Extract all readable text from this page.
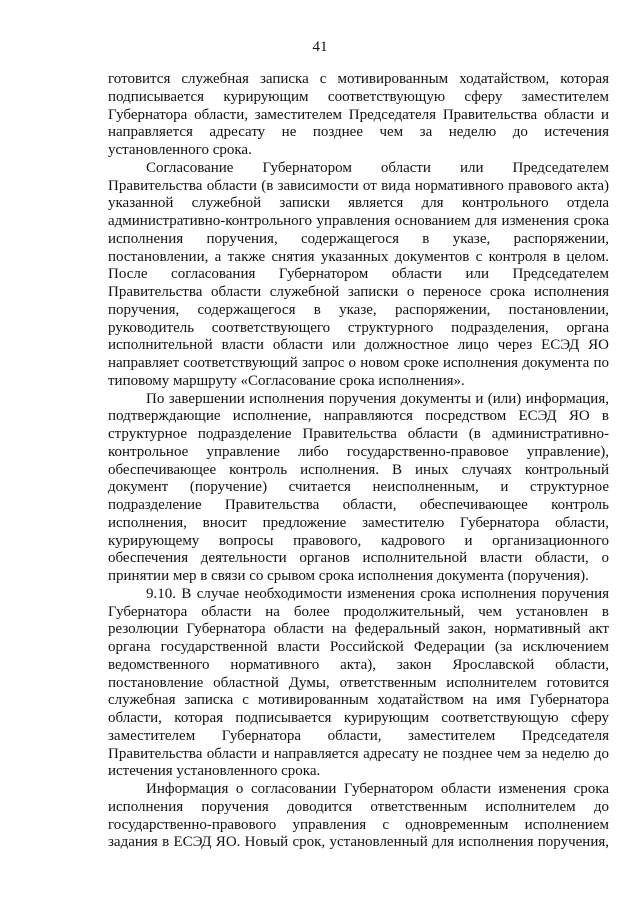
41
готовится служебная записка с мотивированным ходатайством, которая
подписывается курирующим соответствующую сферу заместителем
Губернатора области, заместителем Председателя Правительства области и
направляется адресату не позднее чем за неделю до истечения
установленного срока.
Согласование Губернатором области или Председателем
Правительства области (в зависимости от вида нормативного правового акта)
указанной служебной записки является для контрольного отдела
административно-контрольного управления основанием для изменения срока
исполнения поручения, содержащегося в указе, распоряжении,
постановлении, а также снятия указанных документов с контроля в целом.
После согласования Губернатором области или Председателем
Правительства области служебной записки о переносе срока исполнения
поручения, содержащегося в указе, распоряжении, постановлении,
руководитель соответствующего структурного подразделения, органа
исполнительной власти области или должностное лицо через ЕСЭД ЯО
направляет соответствующий запрос о новом сроке исполнения документа по
типовому маршруту «Согласование срока исполнения».
По завершении исполнения поручения документы и (или) информация,
подтверждающие исполнение, направляются посредством ЕСЭД ЯО в
структурное подразделение Правительства области (в административно-
контрольное управление либо государственно-правовое управление),
обеспечивающее контроль исполнения. В иных случаях контрольный
документ (поручение) считается неисполненным, и структурное
подразделение Правительства области, обеспечивающее контроль
исполнения, вносит предложение заместителю Губернатора области,
курирующему вопросы правового, кадрового и организационного
обеспечения деятельности органов исполнительной власти области, о
принятии мер в связи со срывом срока исполнения документа (поручения).
9.10. В случае необходимости изменения срока исполнения поручения
Губернатора области на более продолжительный, чем установлен в
резолюции Губернатора области на федеральный закон, нормативный акт
органа государственной власти Российской Федерации (за исключением
ведомственного нормативного акта), закон Ярославской области,
постановление областной Думы, ответственным исполнителем готовится
служебная записка с мотивированным ходатайством на имя Губернатора
области, которая подписывается курирующим соответствующую сферу
заместителем Губернатора области, заместителем Председателя
Правительства области и направляется адресату не позднее чем за неделю до
истечения установленного срока.
Информация о согласовании Губернатором области изменения срока
исполнения поручения доводится ответственным исполнителем до
государственно-правового управления с одновременным исполнением
задания в ЕСЭД ЯО. Новый срок, установленный для исполнения поручения,
